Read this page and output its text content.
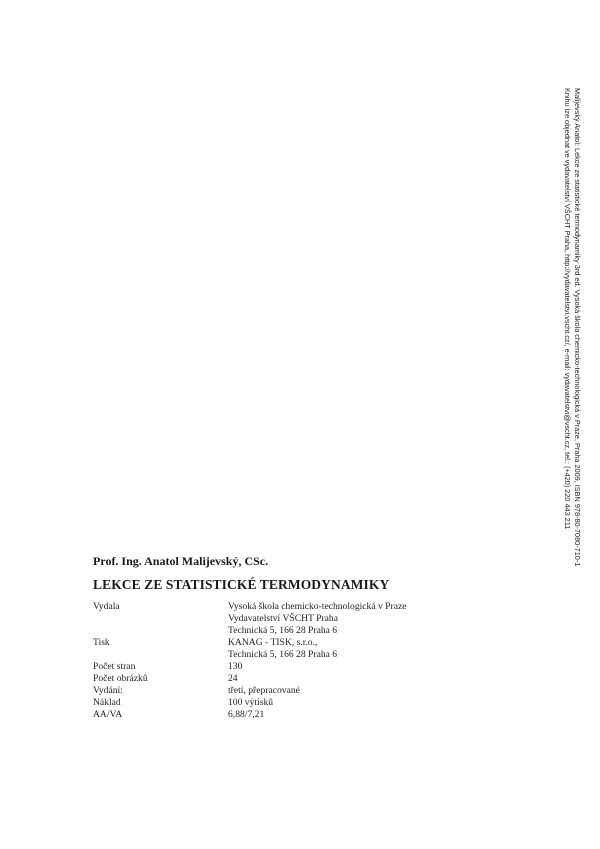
Malijevský Anatol: Lekce ze statistické termodynamiky 3rd ed. Vysoká škola chemicko-technologická v Praze, Praha 2009, ISBN 978-80-7080-710-1
Knihu lze objednat ve vydavatelství VŠCHT Praha, http://vydavatelstvi.vscht.cz/, e-mail: vydavatelstvi@vscht.cz, tel.: (+420) 220 443 211
Prof. Ing. Anatol Malijevský, CSc.
LEKCE ZE STATISTICKÉ TERMODYNAMIKY
Vydala	Vysoká škola chemicko-technologická v Praze
Vydavatelství VŠCHT Praha
Technická 5, 166 28 Praha 6
Tisk	KANAG - TISK, s.r.o.,
Technická 5, 166 28 Praha 6
Počet stran	130
Počet obrázků	24
Vydání:	třetí, přepracované
Náklad	100 výtisků
AA/VA	6,88/7,21
